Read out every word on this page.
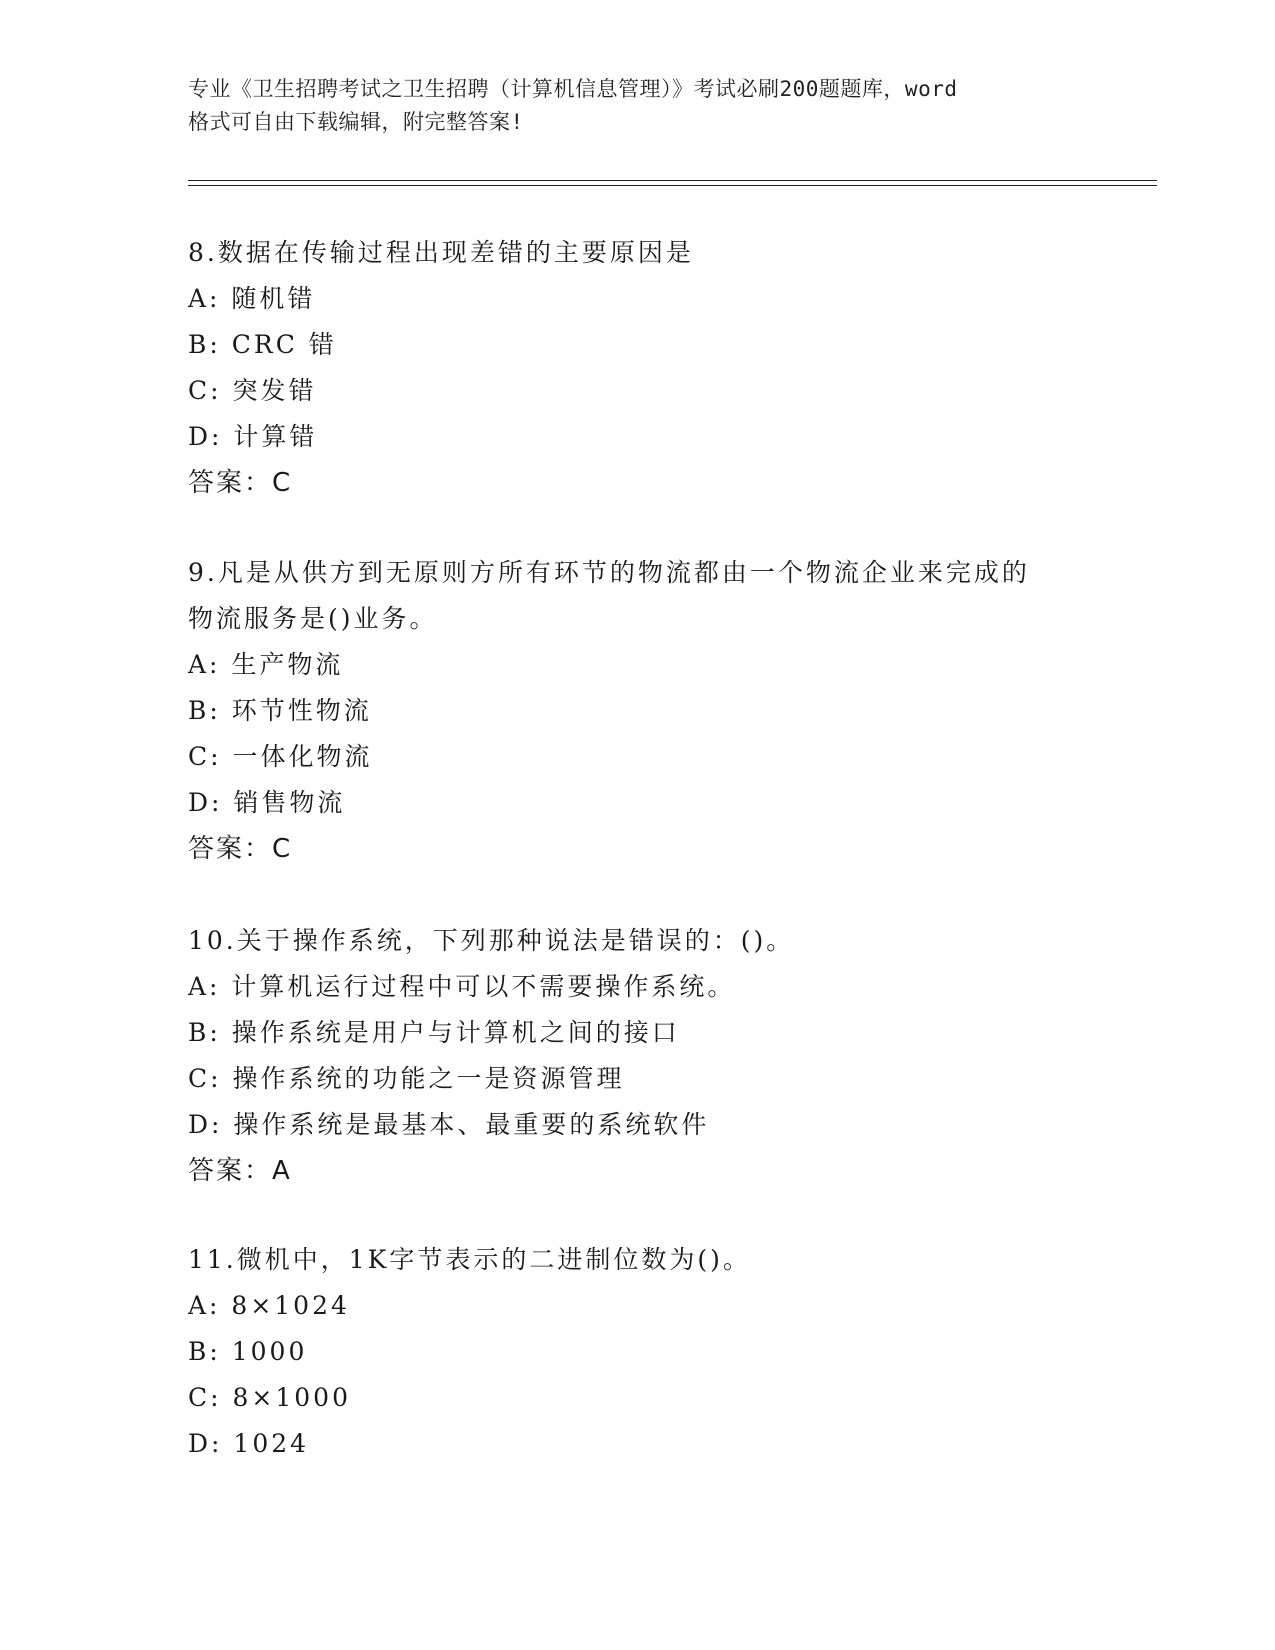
专业《卫生招聘考试之卫生招聘（计算机信息管理）》考试必刷200题题库，word
格式可自由下载编辑，附完整答案!
8.数据在传输过程出现差错的主要原因是
A: 随机错
B: CRC 错
C: 突发错
D: 计算错
答案：C
9.凡是从供方到无原则方所有环节的物流都由一个物流企业来完成的
物流服务是()业务。
A: 生产物流
B: 环节性物流
C: 一体化物流
D: 销售物流
答案：C
10.关于操作系统，下列那种说法是错误的：()。
A: 计算机运行过程中可以不需要操作系统。
B: 操作系统是用户与计算机之间的接口
C: 操作系统的功能之一是资源管理
D: 操作系统是最基本、最重要的系统软件
答案：A
11.微机中，1K字节表示的二进制位数为()。
A: 8×1024
B: 1000
C: 8×1000
D: 1024
